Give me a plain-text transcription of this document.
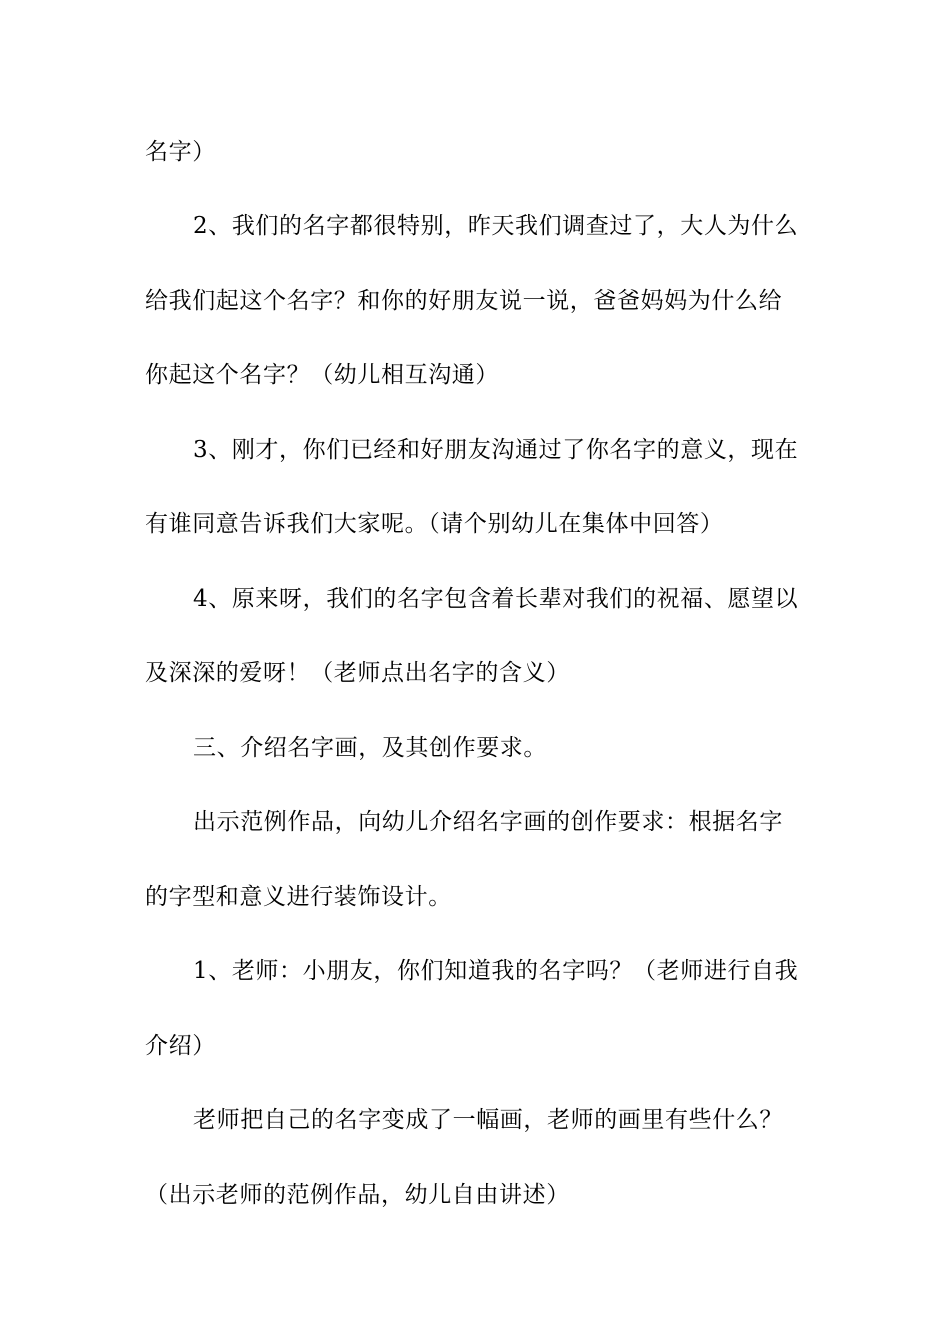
名字）
2、我们的名字都很特别，昨天我们调查过了，大人为什么
给我们起这个名字？和你的好朋友说一说，爸爸妈妈为什么给
你起这个名字？（幼儿相互沟通）
3、刚才，你们已经和好朋友沟通过了你名字的意义，现在
有谁同意告诉我们大家呢。（请个别幼儿在集体中回答）
4、原来呀，我们的名字包含着长辈对我们的祝福、愿望以
及深深的爱呀！（老师点出名字的含义）
三、介绍名字画，及其创作要求。
出示范例作品，向幼儿介绍名字画的创作要求：根据名字
的字型和意义进行装饰设计。
1、老师：小朋友，你们知道我的名字吗？（老师进行自我
介绍）
老师把自己的名字变成了一幅画，老师的画里有些什么？
（出示老师的范例作品，幼儿自由讲述）
